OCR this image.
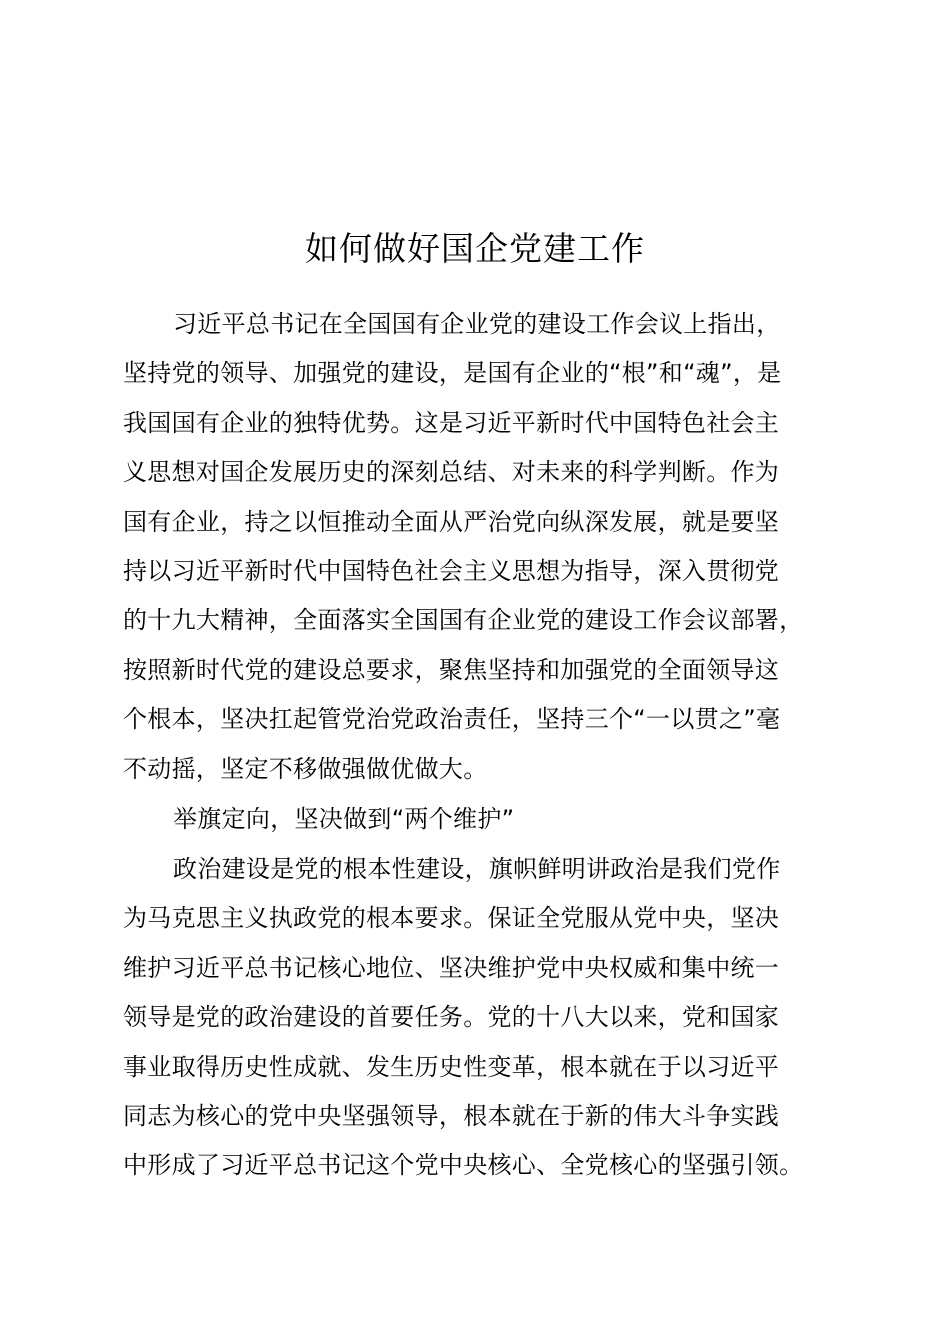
如何做好国企党建工作
习近平总书记在全国国有企业党的建设工作会议上指出，
坚持党的领导、加强党的建设，是国有企业的“根”和“魂”，是
我国国有企业的独特优势。这是习近平新时代中国特色社会主
义思想对国企发展历史的深刻总结、对未来的科学判断。作为
国有企业，持之以恒推动全面从严治党向纵深发展，就是要坚
持以习近平新时代中国特色社会主义思想为指导，深入贯彻党
的十九大精神，全面落实全国国有企业党的建设工作会议部署，
按照新时代党的建设总要求，聚焦坚持和加强党的全面领导这
个根本，坚决扛起管党治党政治责任，坚持三个“一以贯之”毫
不动摇，坚定不移做强做优做大。
举旗定向，坚决做到“两个维护”
政治建设是党的根本性建设，旗帜鲜明讲政治是我们党作
为马克思主义执政党的根本要求。保证全党服从党中央，坚决
维护习近平总书记核心地位、坚决维护党中央权威和集中统一
领导是党的政治建设的首要任务。党的十八大以来，党和国家
事业取得历史性成就、发生历史性变革，根本就在于以习近平
同志为核心的党中央坚强领导，根本就在于新的伟大斗争实践
中形成了习近平总书记这个党中央核心、全党核心的坚强引领。
